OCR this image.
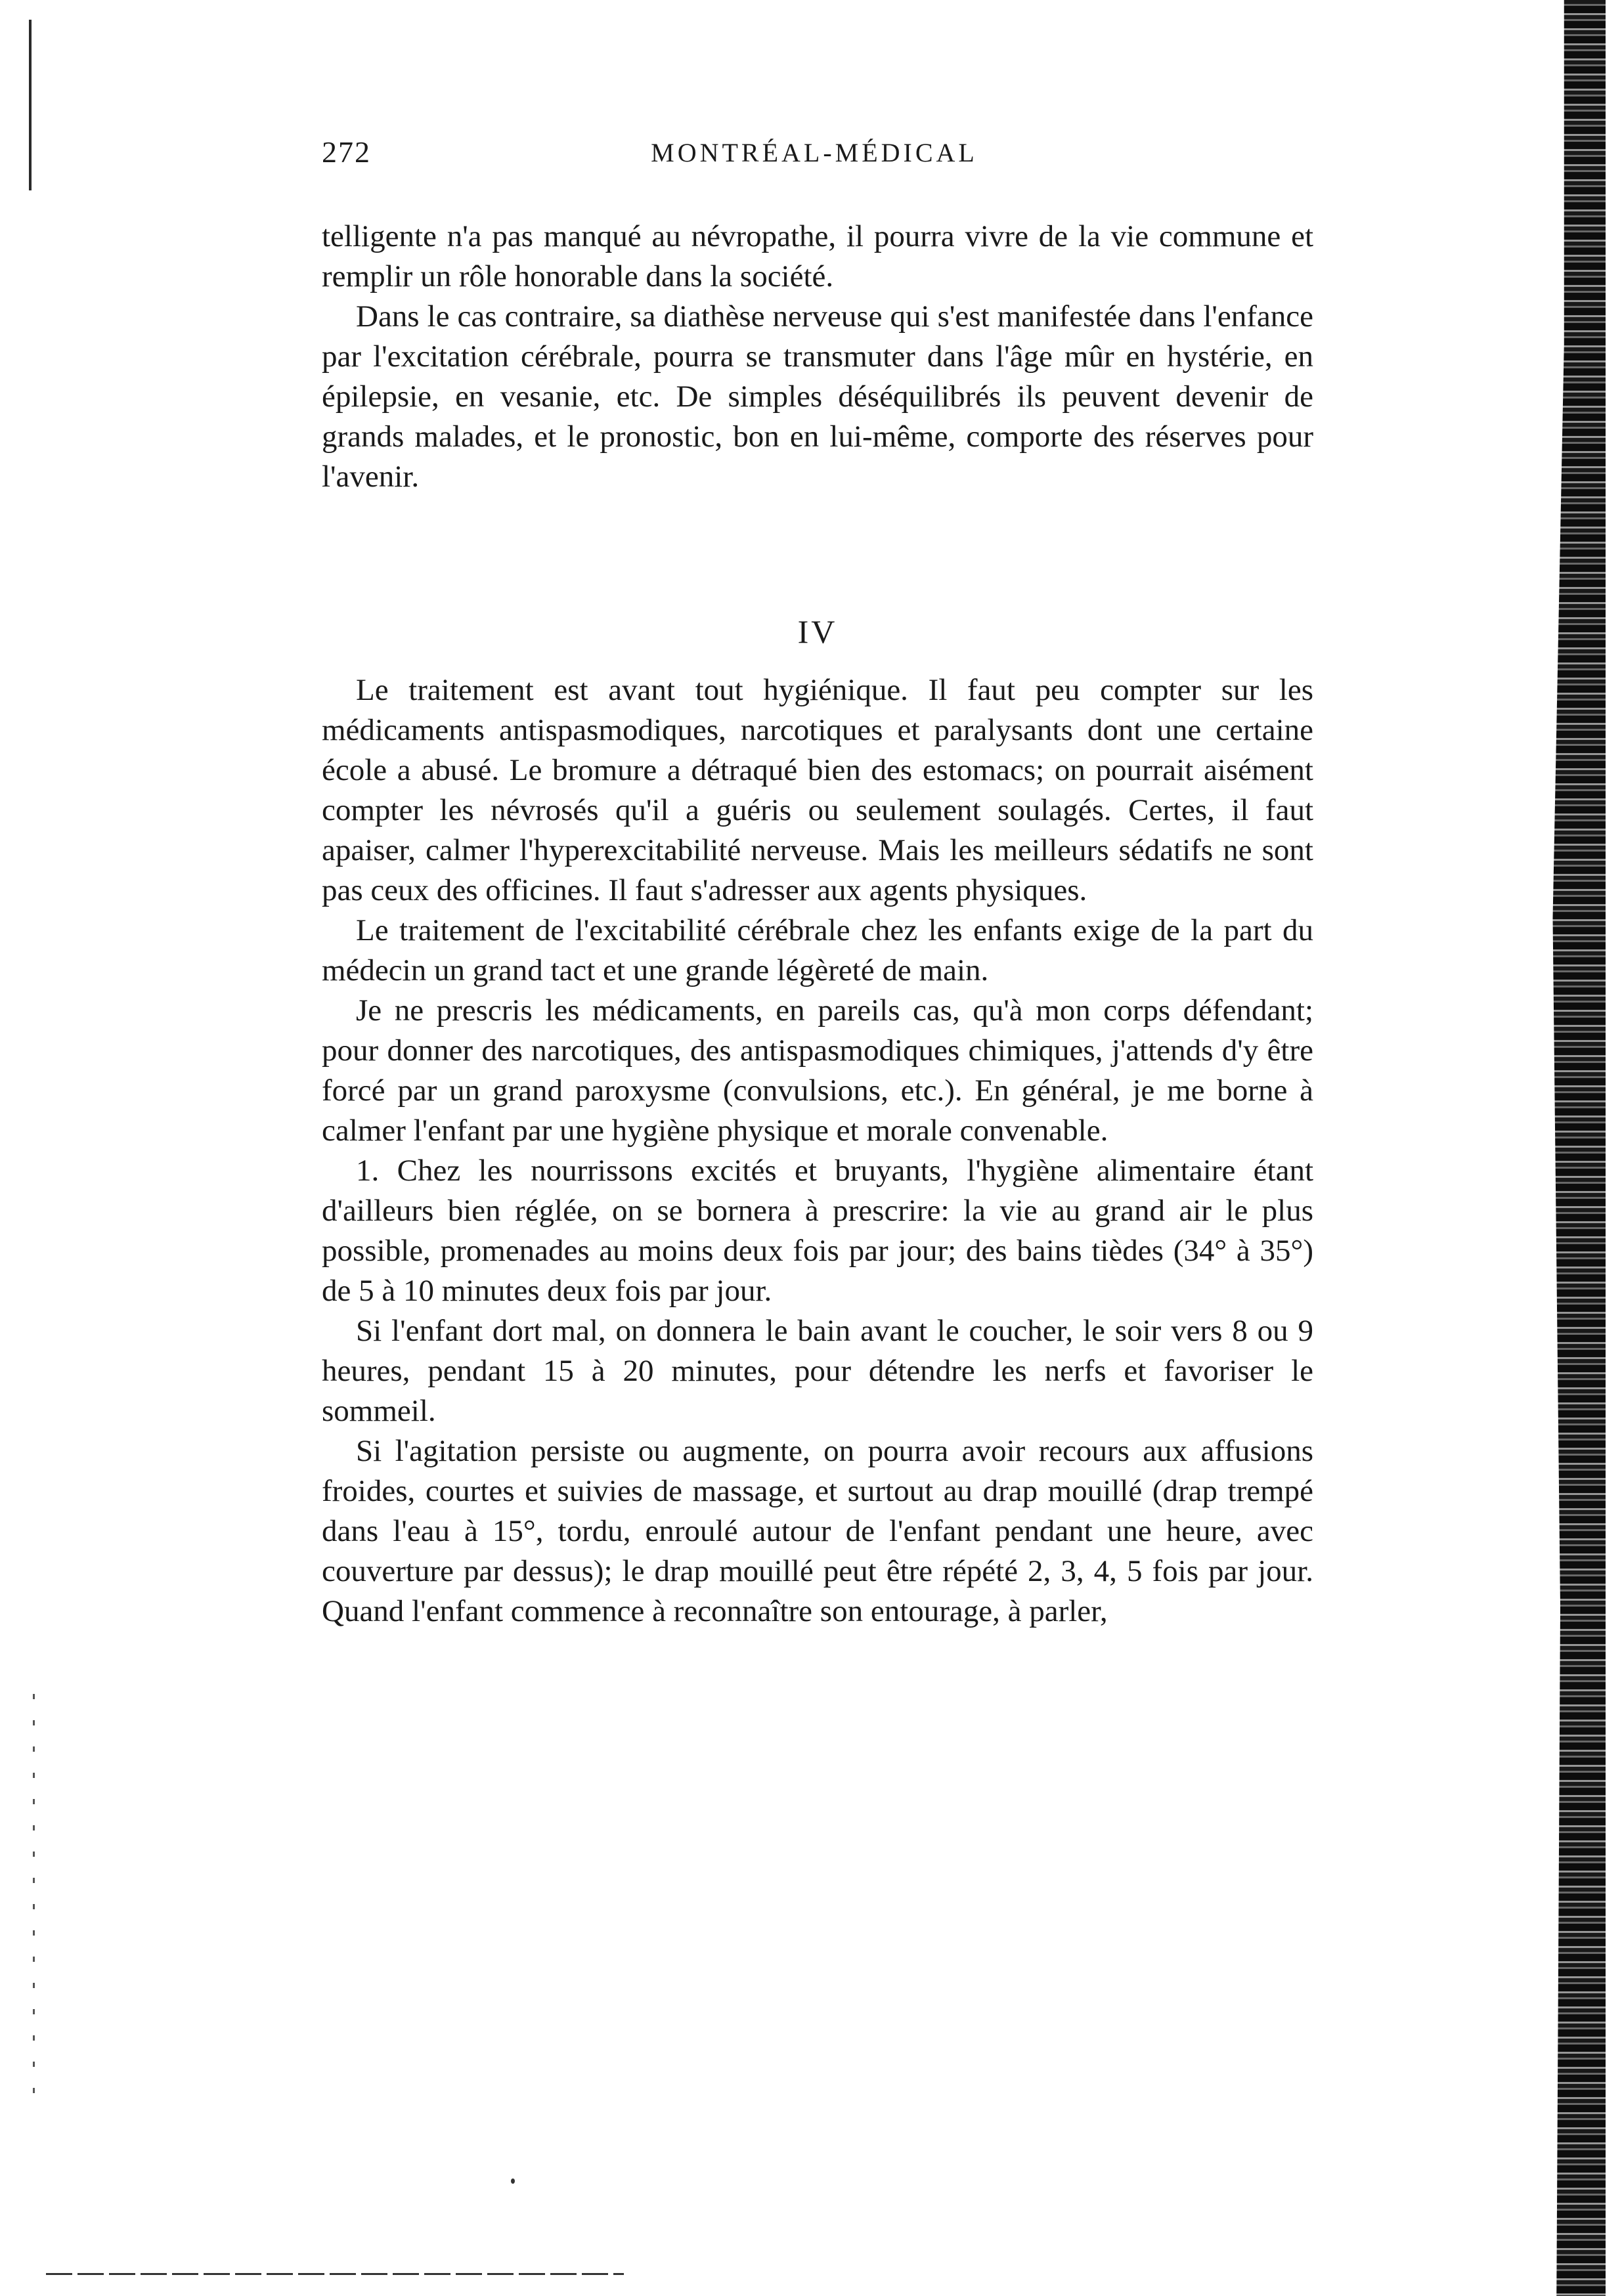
272	MONTRÉAL-MÉDICAL

telligente n'a pas manqué au névropathe, il pourra vivre de la vie commune et remplir un rôle honorable dans la société.

Dans le cas contraire, sa diathèse nerveuse qui s'est manifestée dans l'enfance par l'excitation cérébrale, pourra se transmuter dans l'âge mûr en hystérie, en épilepsie, en vesanie, etc. De simples déséquilibrés ils peuvent devenir de grands malades, et le pronostic, bon en lui-même, comporte des réserves pour l'avenir.

IV

Le traitement est avant tout hygiénique. Il faut peu compter sur les médicaments antispasmodiques, narcotiques et paralysants dont une certaine école a abusé. Le bromure a détraqué bien des estomacs; on pourrait aisément compter les névrosés qu'il a guéris ou seulement soulagés. Certes, il faut apaiser, calmer l'hyperexcitabilité nerveuse. Mais les meilleurs sédatifs ne sont pas ceux des officines. Il faut s'adresser aux agents physiques.

Le traitement de l'excitabilité cérébrale chez les enfants exige de la part du médecin un grand tact et une grande légèreté de main.

Je ne prescris les médicaments, en pareils cas, qu'à mon corps défendant; pour donner des narcotiques, des antispasmodiques chimiques, j'attends d'y être forcé par un grand paroxysme (convulsions, etc.). En général, je me borne à calmer l'enfant par une hygiène physique et morale convenable.

1. Chez les nourrissons excités et bruyants, l'hygiène alimentaire étant d'ailleurs bien réglée, on se bornera à prescrire: la vie au grand air le plus possible, promenades au moins deux fois par jour; des bains tièdes (34° à 35°) de 5 à 10 minutes deux fois par jour.

Si l'enfant dort mal, on donnera le bain avant le coucher, le soir vers 8 ou 9 heures, pendant 15 à 20 minutes, pour détendre les nerfs et favoriser le sommeil.

Si l'agitation persiste ou augmente, on pourra avoir recours aux affusions froides, courtes et suivies de massage, et surtout au drap mouillé (drap trempé dans l'eau à 15°, tordu, enroulé autour de l'enfant pendant une heure, avec couverture par dessus); le drap mouillé peut être répété 2, 3, 4, 5 fois par jour. Quand l'enfant commence à reconnaître son entourage, à parler,
